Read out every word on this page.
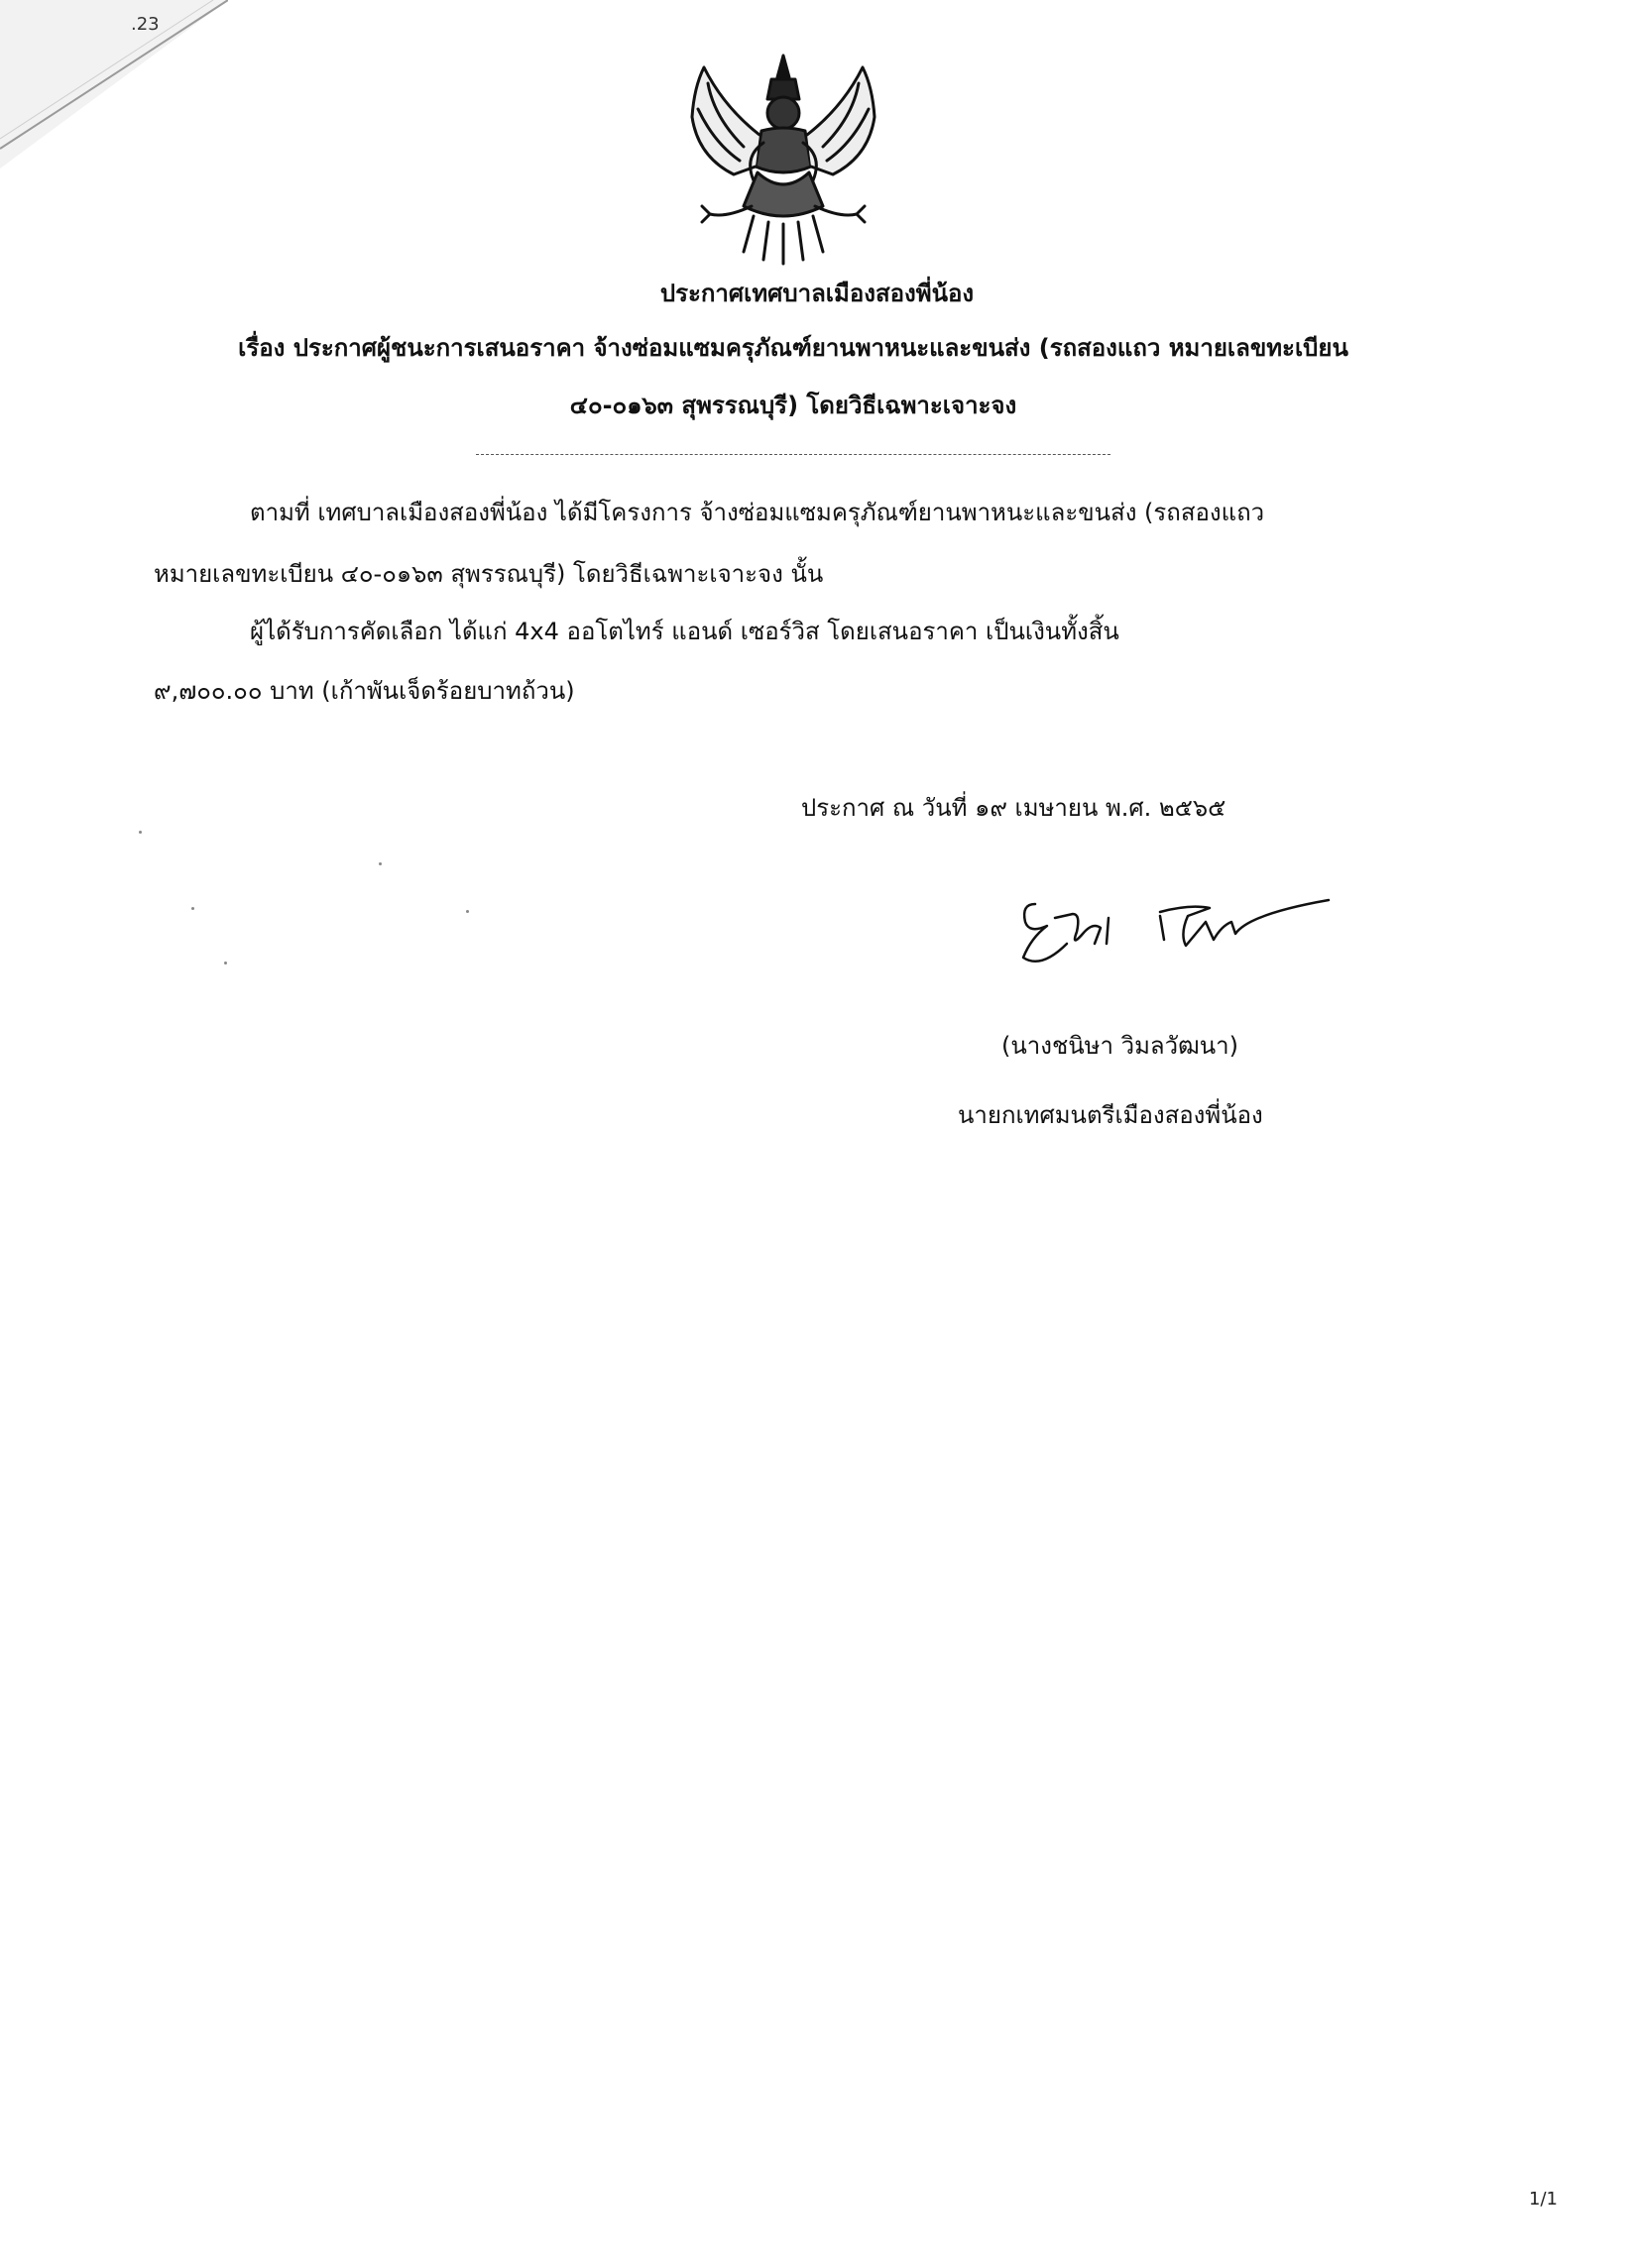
.23
ประกาศเทศบาลเมืองสองพี่น้อง
เรื่อง ประกาศผู้ชนะการเสนอราคา จ้างซ่อมแซมครุภัณฑ์ยานพาหนะและขนส่ง (รถสองแถว หมายเลขทะเบียน
๔๐-๐๑๖๓ สุพรรณบุรี) โดยวิธีเฉพาะเจาะจง
ตามที่ เทศบาลเมืองสองพี่น้อง ได้มีโครงการ จ้างซ่อมแซมครุภัณฑ์ยานพาหนะและขนส่ง (รถสองแถว
หมายเลขทะเบียน ๔๐-๐๑๖๓ สุพรรณบุรี) โดยวิธีเฉพาะเจาะจง นั้น
ผู้ได้รับการคัดเลือก ได้แก่ 4x4 ออโตไทร์ แอนด์ เซอร์วิส โดยเสนอราคา เป็นเงินทั้งสิ้น
๙,๗๐๐.๐๐ บาท (เก้าพันเจ็ดร้อยบาทถ้วน)
ประกาศ ณ วันที่ ๑๙ เมษายน พ.ศ. ๒๕๖๕
(นางชนิษา วิมลวัฒนา)
นายกเทศมนตรีเมืองสองพี่น้อง
1/1
